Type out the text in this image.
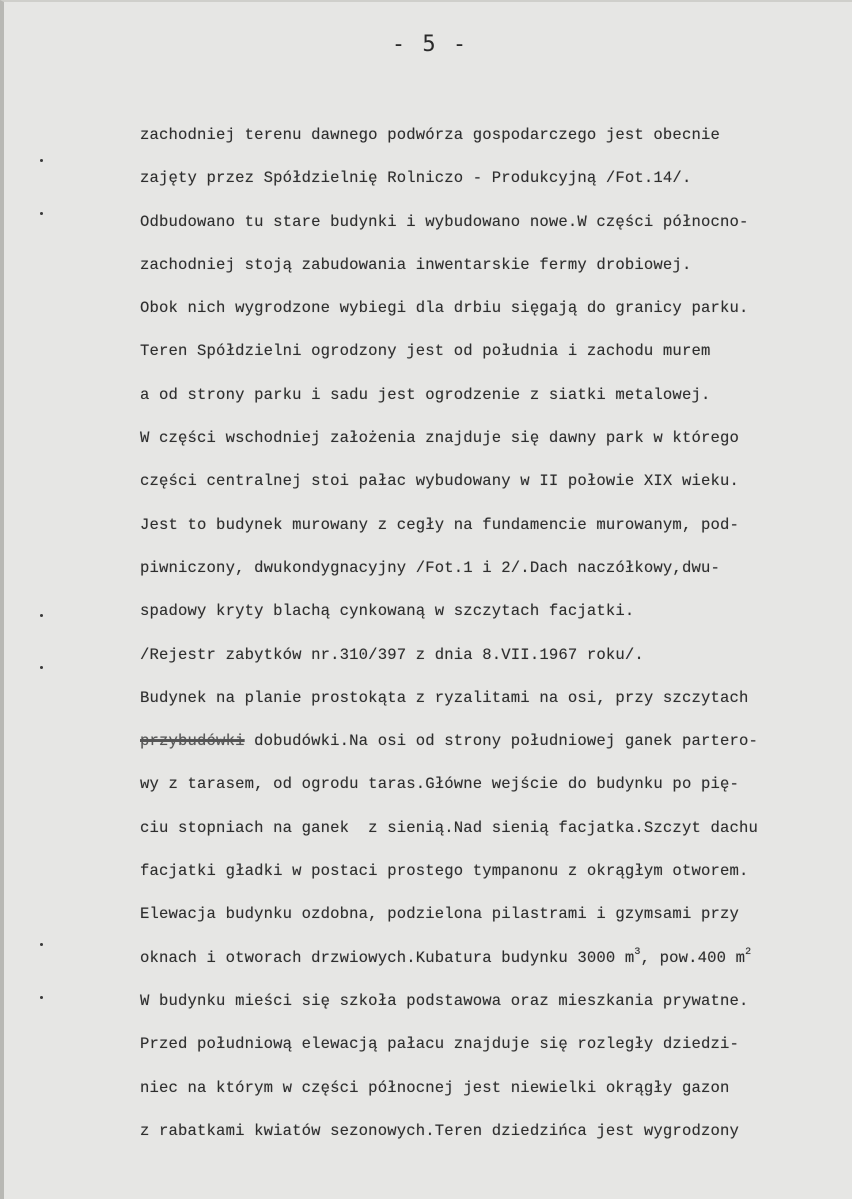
- 5 -
zachodniej terenu dawnego podwórza gospodarczego jest obecnie
zajęty przez Spółdzielnię Rolniczo - Produkcyjną /Fot.14/.
Odbudowano tu stare budynki i wybudowano nowe.W części północno-
zachodniej stoją zabudowania inwentarskie fermy drobiowej.
Obok nich wygrodzone wybiegi dla drbiu sięgają do granicy parku.
Teren Spółdzielni ogrodzony jest od południa i zachodu murem
a od strony parku i sadu jest ogrodzenie z siatki metalowej.
W części wschodniej założenia znajduje się dawny park w którego
części centralnej stoi pałac wybudowany w II połowie XIX wieku.
Jest to budynek murowany z cegły na fundamencie murowanym, pod-
piwniczony, dwukondygnacyjny /Fot.1 i 2/.Dach naczółkowy,dwu-
spadowy kryty blachą cynkowaną w szczytach facjatki.
/Rejestr zabytków nr.310/397 z dnia 8.VII.1967 roku/.
Budynek na planie prostokąta z ryzalitami na osi, przy szczytach
przybudówki dobudówki.Na osi od strony południowej ganek parterо-
wy z tarasem, od ogrodu taras.Główne wejście do budynku po pię-
ciu stopniach na ganek  z sienią.Nad sienią facjatka.Szczyt dachu
facjatki gładki w postaci prostego tympanonu z okrągłym otworem.
Elewacja budynku ozdobna, podzielona pilastrami i gzymsami przy
oknach i otworach drzwiowych.Kubatura budynku 3000 $m^3$, pow.400 $m^2$
W budynku mieści się szkoła podstawowa oraz mieszkania prywatne.
Przed południową elewacją pałacu znajduje się rozległy dziedzi-
niec na którym w części północnej jest niewielki okrągły gazon
z rabatkami kwiatów sezonowych.Teren dziedzińca jest wygrodzony
